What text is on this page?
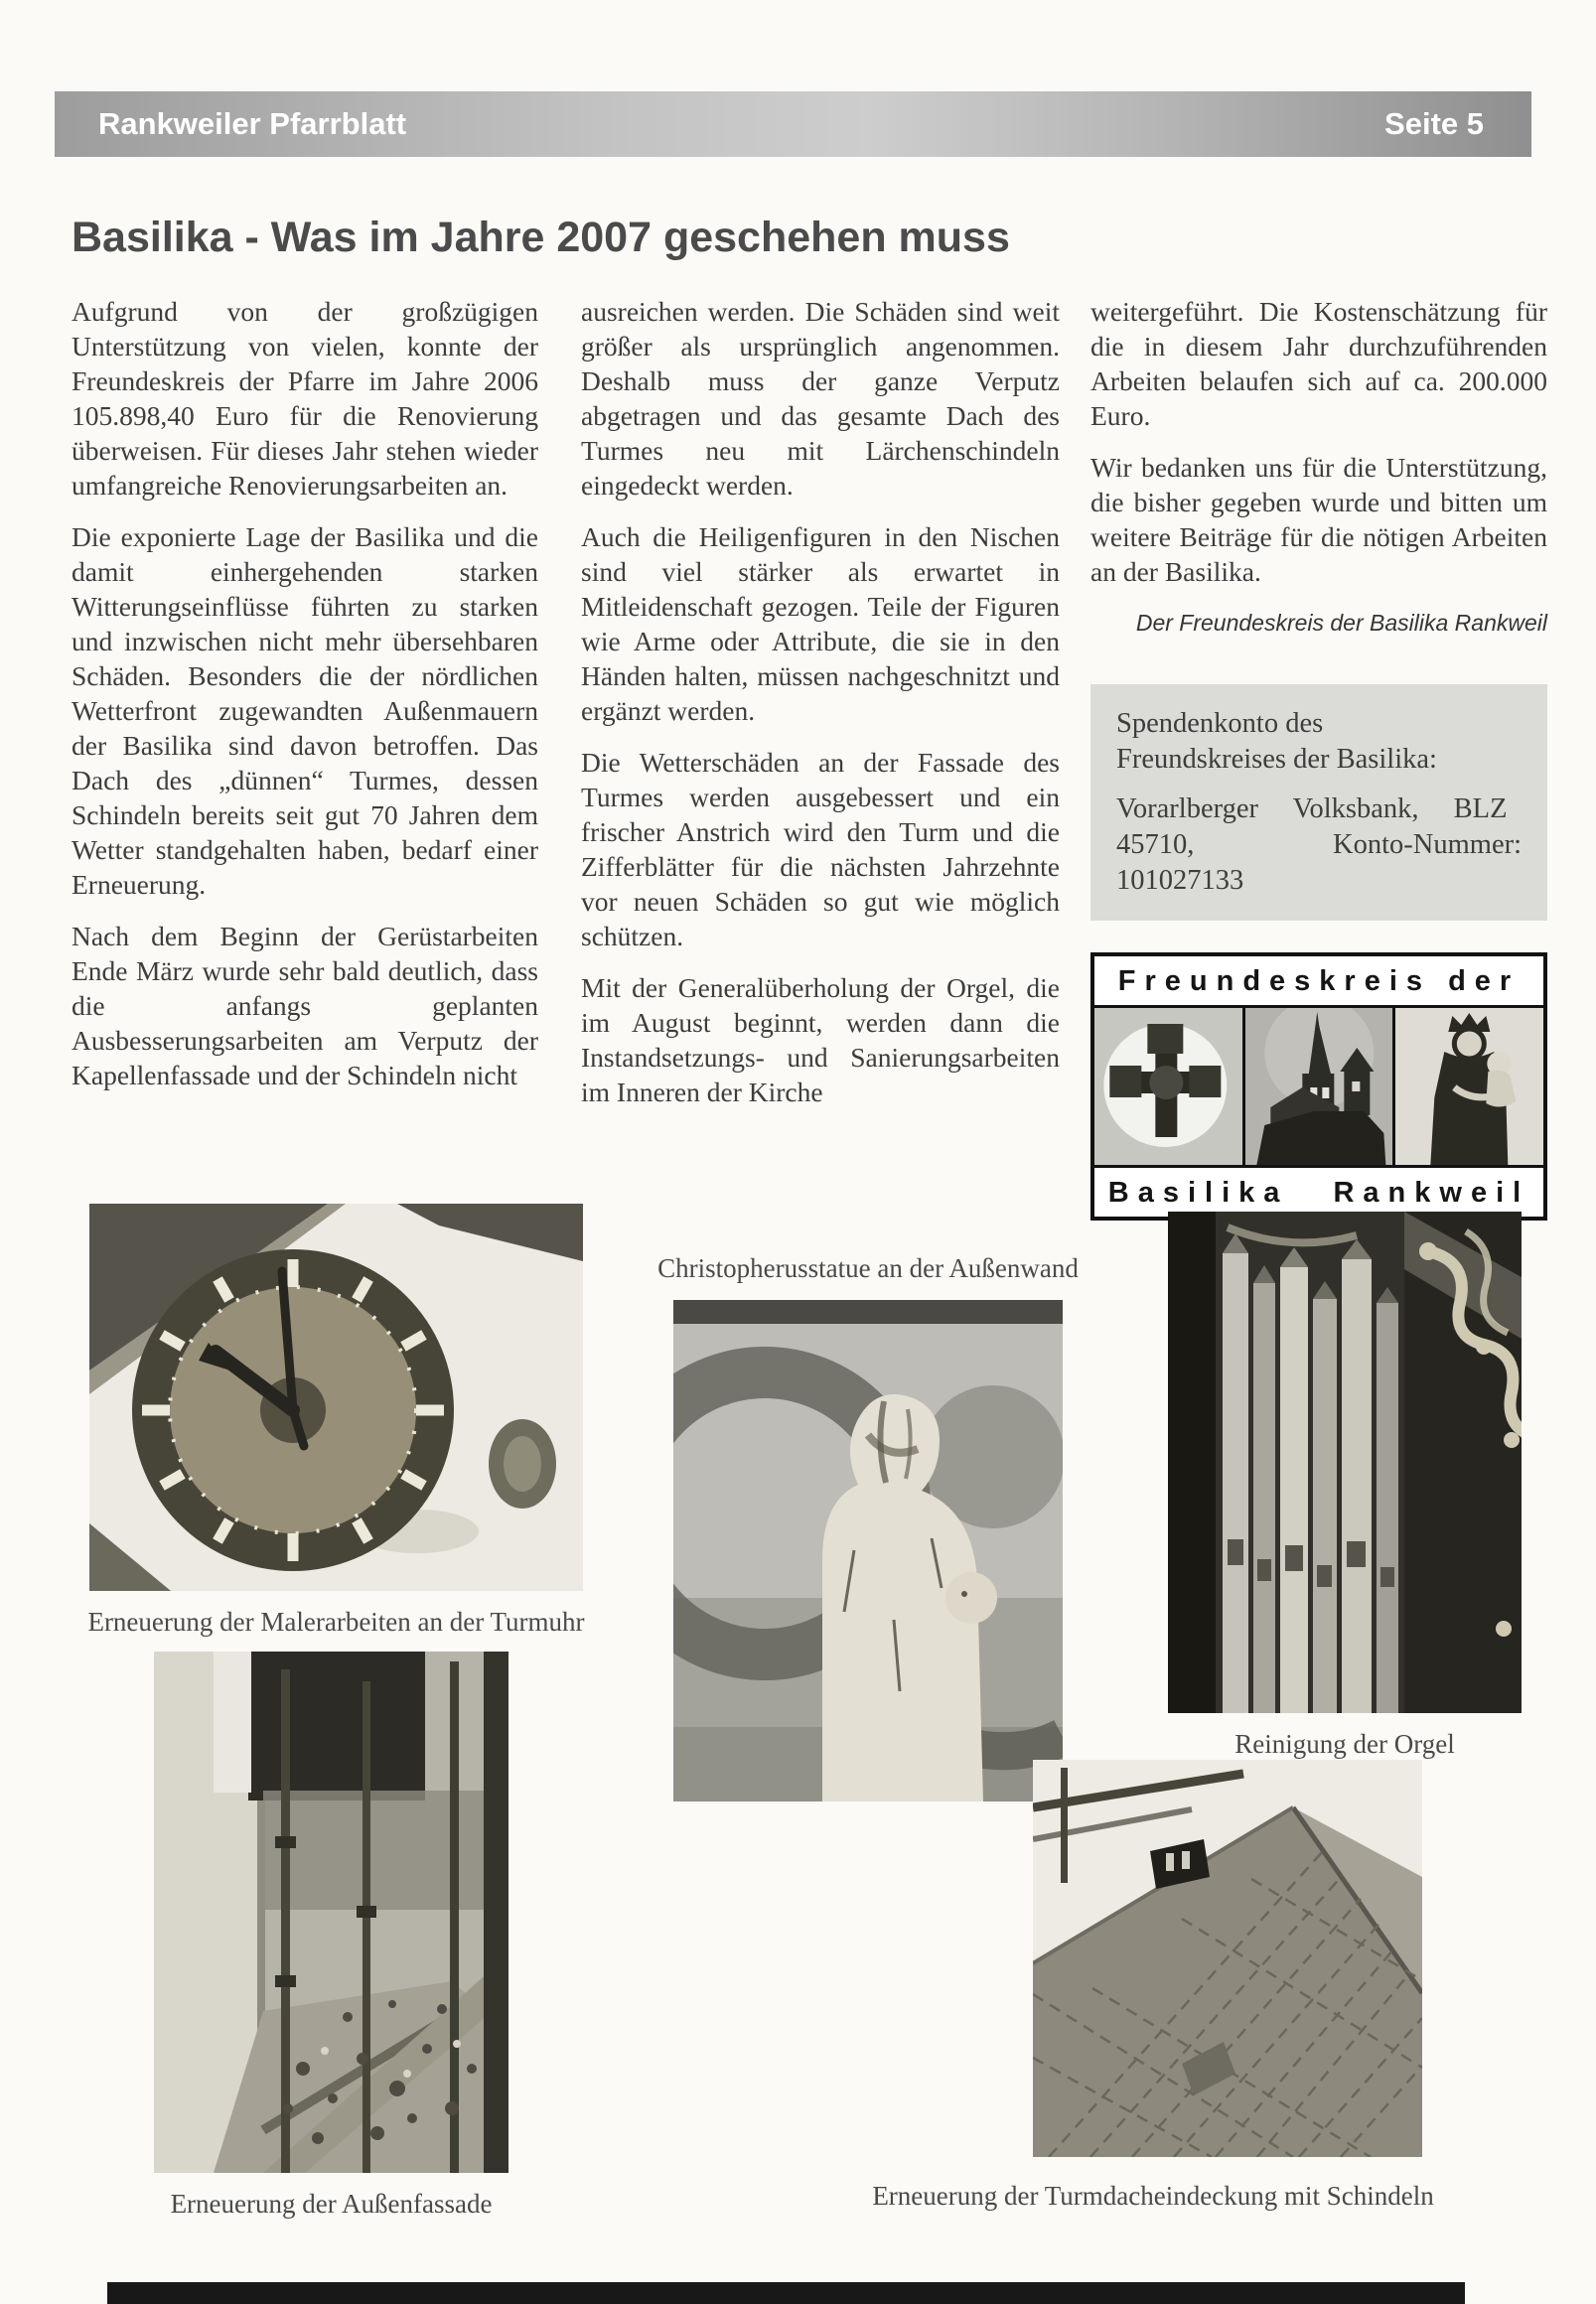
Rankweiler Pfarrblatt	Seite 5
Basilika - Was im Jahre 2007 geschehen muss

Aufgrund von der großzügigen Unterstützung von vielen, konnte der Freundeskreis der Pfarre im Jahre 2006 105.898,40 Euro für die Renovierung überweisen. Für dieses Jahr stehen wieder umfangreiche Renovierungsarbeiten an.

Die exponierte Lage der Basilika und die damit einhergehenden starken Witterungseinflüsse führten zu starken und inzwischen nicht mehr übersehbaren Schäden. Besonders die der nördlichen Wetterfront zugewandten Außenmauern der Basilika sind davon betroffen. Das Dach des „dünnen“ Turmes, dessen Schindeln bereits seit gut 70 Jahren dem Wetter standgehalten haben, bedarf einer Erneuerung.

Nach dem Beginn der Gerüstarbeiten Ende März wurde sehr bald deutlich, dass die anfangs geplanten Ausbesserungsarbeiten am Verputz der Kapellenfassade und der Schindeln nicht

ausreichen werden. Die Schäden sind weit größer als ursprünglich angenommen. Deshalb muss der ganze Verputz abgetragen und das gesamte Dach des Turmes neu mit Lärchenschindeln eingedeckt werden.

Auch die Heiligenfiguren in den Nischen sind viel stärker als erwartet in Mitleidenschaft gezogen. Teile der Figuren wie Arme oder Attribute, die sie in den Händen halten, müssen nachgeschnitzt und ergänzt werden.

Die Wetterschäden an der Fassade des Turmes werden ausgebessert und ein frischer Anstrich wird den Turm und die Zifferblätter für die nächsten Jahrzehnte vor neuen Schäden so gut wie möglich schützen.

Mit der Generalüberholung der Orgel, die im August beginnt, werden dann die Instandsetzungs- und Sanierungsarbeiten im Inneren der Kirche

weitergeführt. Die Kostenschätzung für die in diesem Jahr durchzuführenden Arbeiten belaufen sich auf ca. 200.000 Euro.

Wir bedanken uns für die Unterstützung, die bisher gegeben wurde und bitten um weitere Beiträge für die nötigen Arbeiten an der Basilika.

Der Freundeskreis der Basilika Rankweil
Spendenkonto des
Freundskreises der Basilika:
Vorarlberger Volksbank, BLZ
45710, Konto-Nummer: 101027133
Freundeskreis der
Basilika Rankweil
Erneuerung der Malerarbeiten an der Turmuhr
Christopherusstatue an der Außenwand
Reinigung der Orgel
Erneuerung der Außenfassade	Erneuerung der Turmdacheindeckung mit Schindeln
